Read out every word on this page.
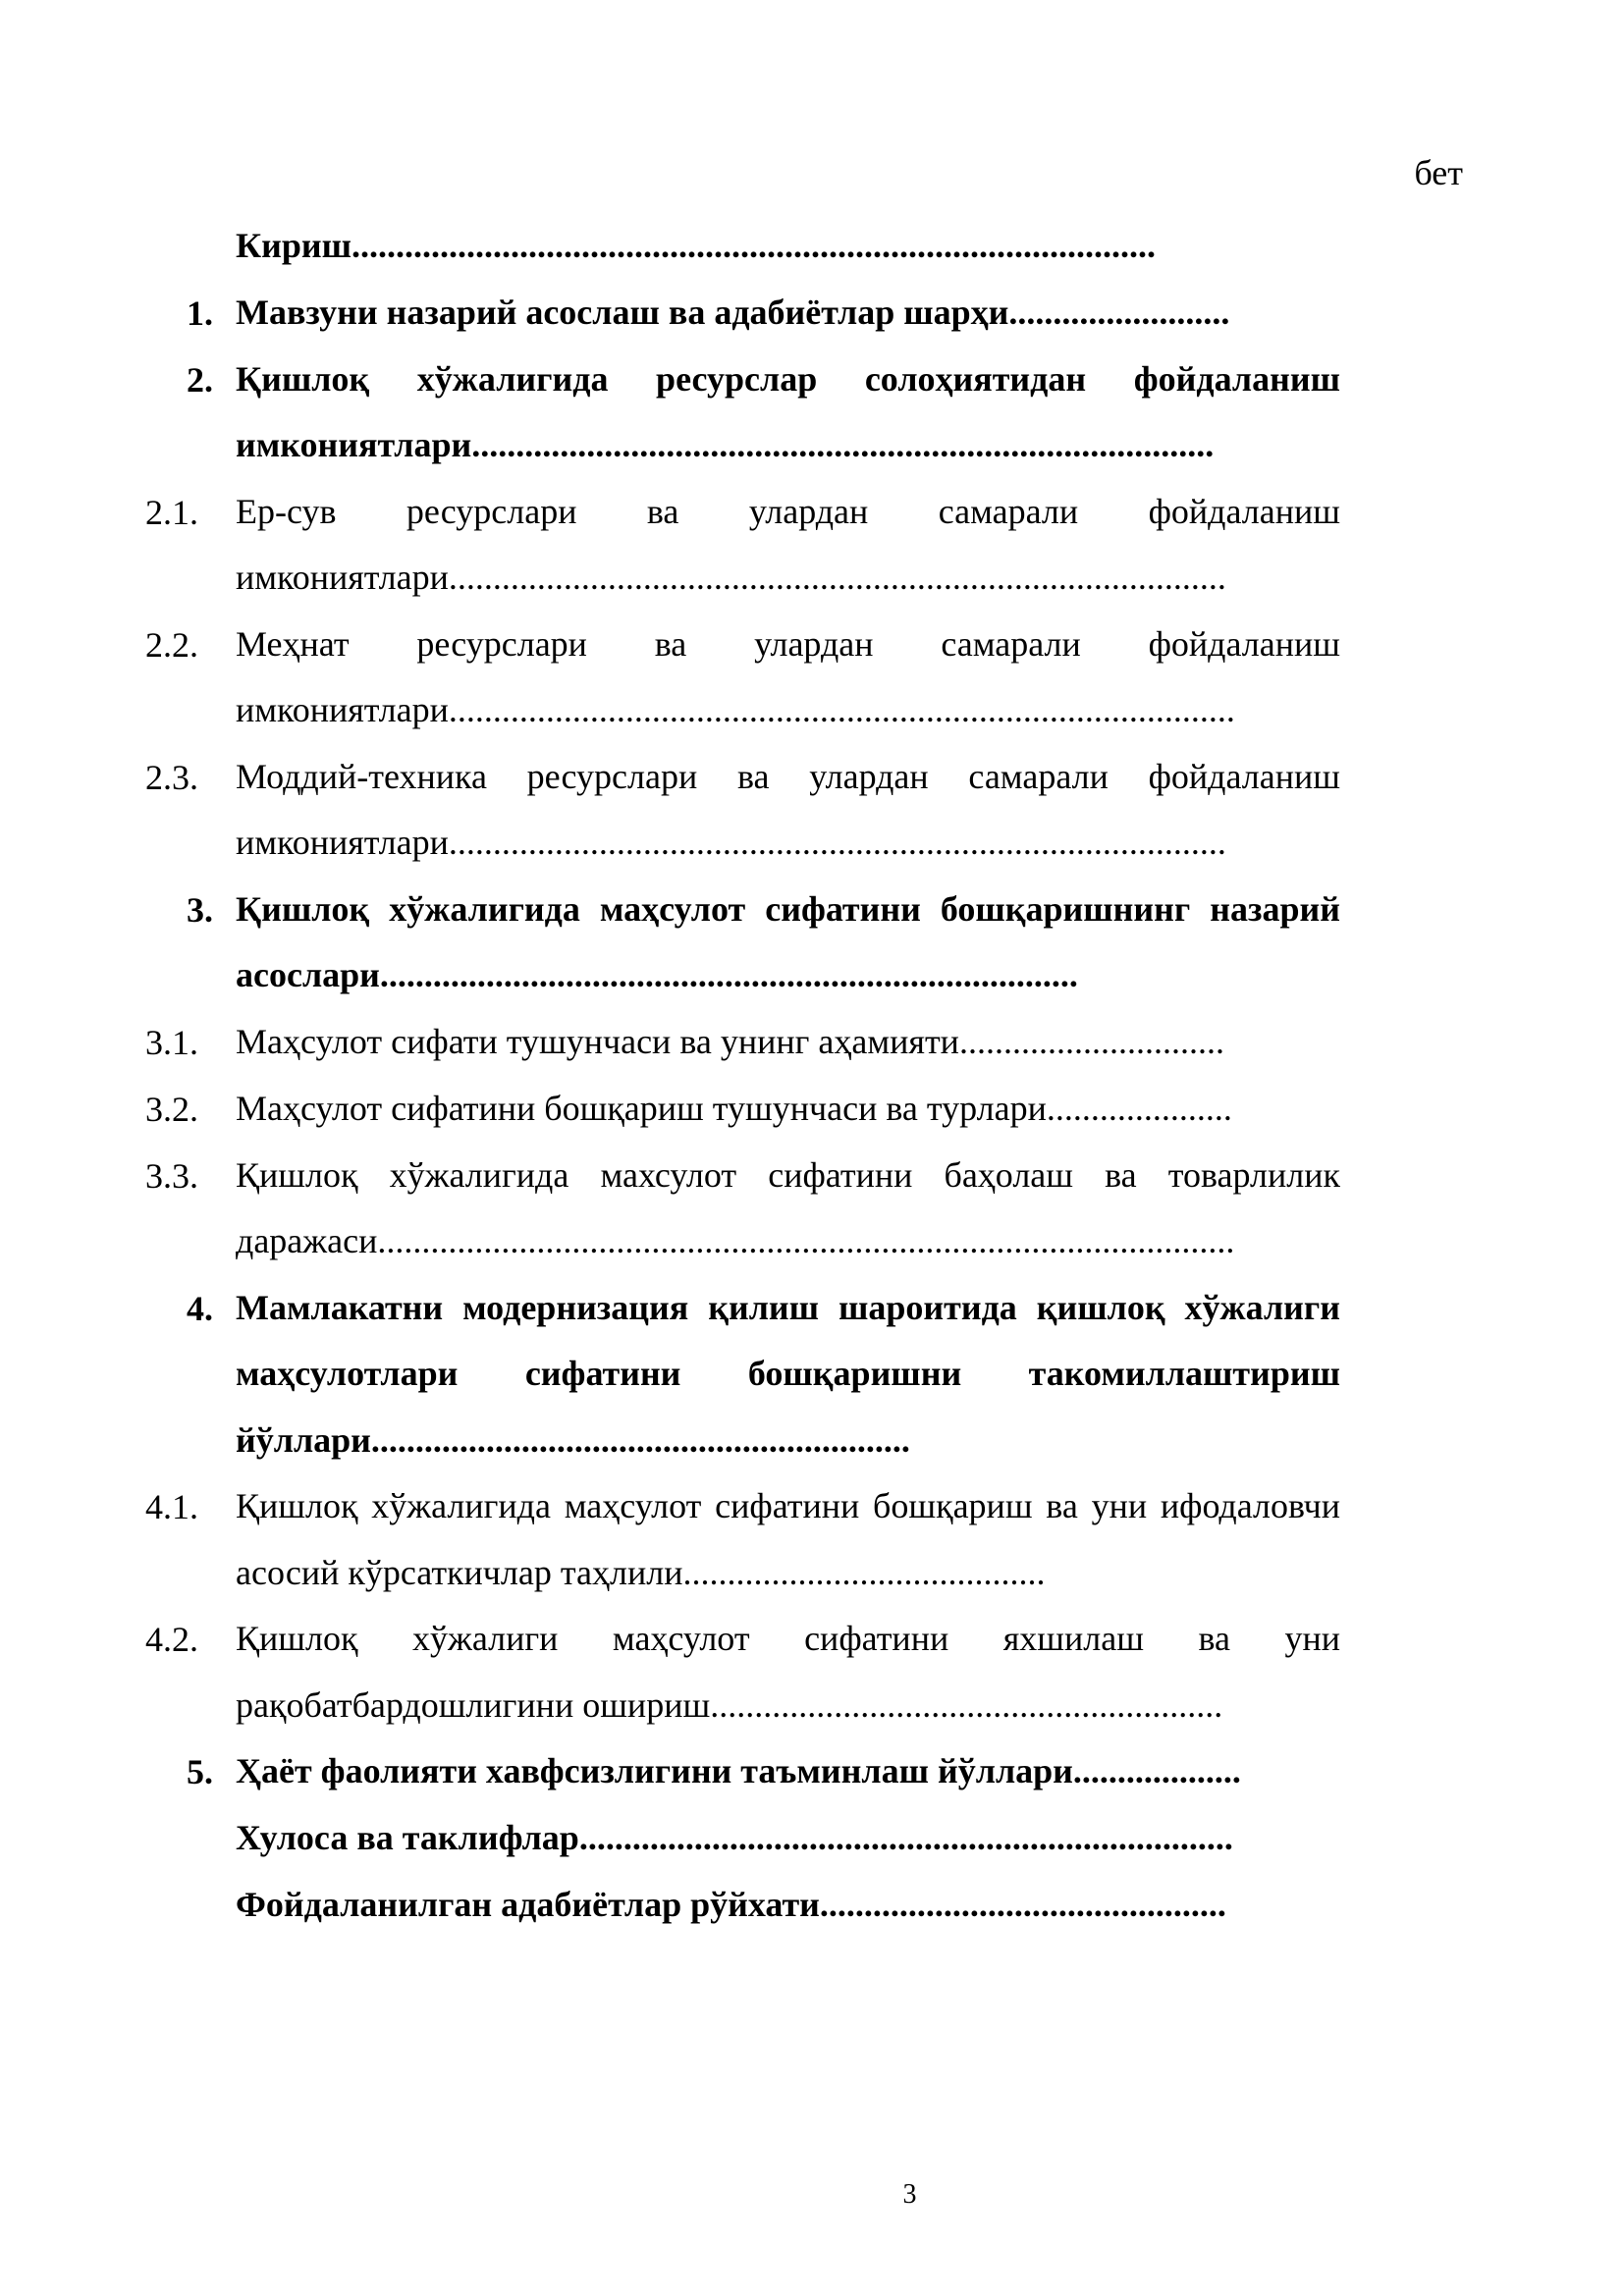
бет
Кириш...........................................................................................
1. Мавзуни назарий асослаш ва адабиётлар шарҳи.........................
2. Қишлоқ хўжалигида ресурслар солоҳиятидан фойдаланиш имкониятлари....................................................................................
2.1.	Ер-сув ресурслари ва улардан самарали фойдаланиш имкониятлари........................................................................................
2.2.	Меҳнат ресурслари ва улардан самарали фойдаланиш имкониятлари.........................................................................................
2.3.	Моддий-техника ресурслари ва улардан самарали фойдаланиш имкониятлари........................................................................................
3. Қишлоқ хўжалигида маҳсулот сифатини бошқаришнинг назарий асослари...............................................................................
3.1.	Маҳсулот сифати тушунчаси ва унинг аҳамияти..............................
3.2.	Маҳсулот сифатини бошқариш тушунчаси ва турлари.....................
3.3.	Қишлоқ хўжалигида махсулот сифатини баҳолаш ва товарлилик даражаси.................................................................................................
4. Мамлакатни модернизация қилиш шароитида қишлоқ хўжалиги маҳсулотлари сифатини бошқаришни такомиллаштириш йўллари.............................................................
4.1.	Қишлоқ хўжалигида маҳсулот сифатини бошқариш ва уни ифодаловчи асосий кўрсаткичлар таҳлили.........................................
4.2.	Қишлоқ хўжалиги маҳсулот сифатини яхшилаш ва уни рақобатбардошлигини ошириш..........................................................
5. Ҳаёт фаолияти хавфсизлигини таъминлаш йўллари...................
Хулоса ва таклифлар..........................................................................
Фойдаланилган адабиётлар рўйхати..............................................
3
